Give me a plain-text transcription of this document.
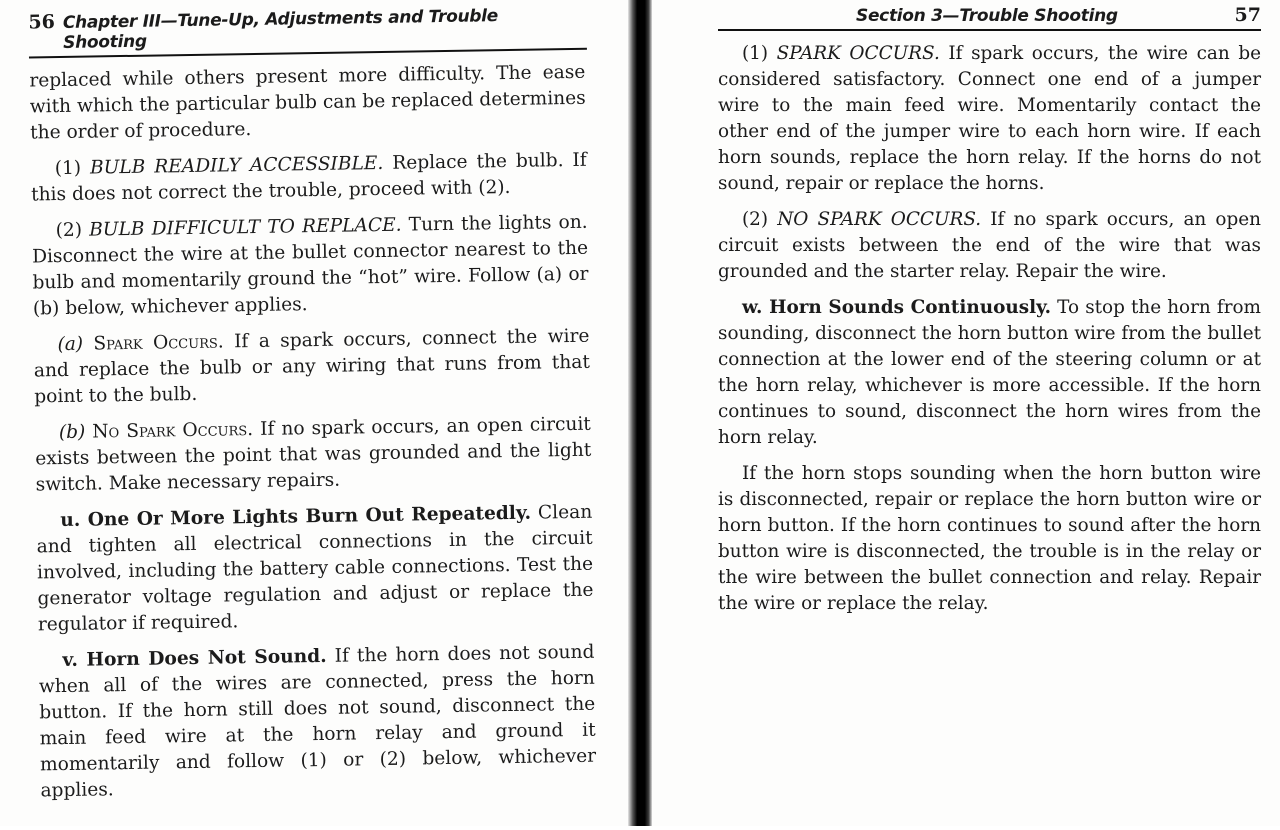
56 Chapter III—Tune-Up, Adjustments and Trouble Shooting

replaced while others present more difficulty. The ease with which the particular bulb can be replaced determines the order of procedure.

(1) BULB READILY ACCESSIBLE. Replace the bulb. If this does not correct the trouble, proceed with (2).

(2) BULB DIFFICULT TO REPLACE. Turn the lights on. Disconnect the wire at the bullet connector nearest to the bulb and momentarily ground the “hot” wire. Follow (a) or (b) below, whichever applies.

(a) Spark Occurs. If a spark occurs, connect the wire and replace the bulb or any wiring that runs from that point to the bulb.

(b) No Spark Occurs. If no spark occurs, an open circuit exists between the point that was grounded and the light switch. Make necessary repairs.

u. One Or More Lights Burn Out Repeatedly. Clean and tighten all electrical connections in the circuit involved, including the battery cable connections. Test the generator voltage regulation and adjust or replace the regulator if required.

v. Horn Does Not Sound. If the horn does not sound when all of the wires are connected, press the horn button. If the horn still does not sound, disconnect the main feed wire at the horn relay and ground it momentarily and follow (1) or (2) below, whichever applies.

Section 3—Trouble Shooting	57

(1) SPARK OCCURS. If spark occurs, the wire can be considered satisfactory. Connect one end of a jumper wire to the main feed wire. Momentarily contact the other end of the jumper wire to each horn wire. If each horn sounds, replace the horn relay. If the horns do not sound, repair or replace the horns.

(2) NO SPARK OCCURS. If no spark occurs, an open circuit exists between the end of the wire that was grounded and the starter relay. Repair the wire.

w. Horn Sounds Continuously. To stop the horn from sounding, disconnect the horn button wire from the bullet connection at the lower end of the steering column or at the horn relay, whichever is more accessible. If the horn continues to sound, disconnect the horn wires from the horn relay.

If the horn stops sounding when the horn button wire is disconnected, repair or replace the horn button wire or horn button. If the horn continues to sound after the horn button wire is disconnected, the trouble is in the relay or the wire between the bullet connection and relay. Repair the wire or replace the relay.
